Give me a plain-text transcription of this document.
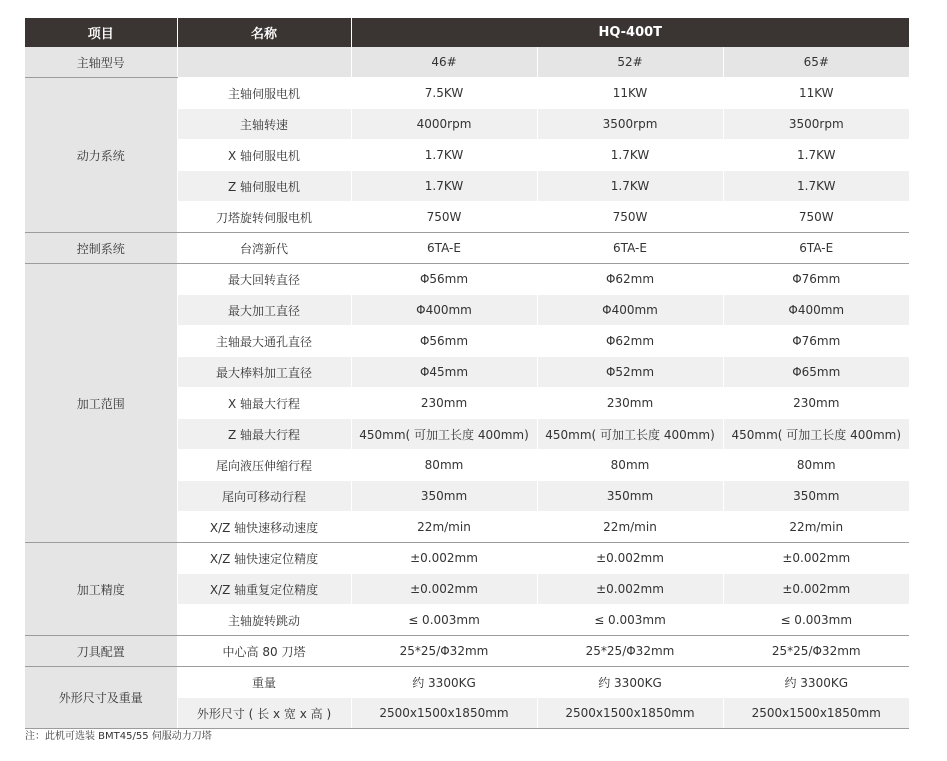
项目	名称	HQ-400T		
主轴型号		46#	52#	65#
动力系统	主轴伺服电机	7.5KW	11KW	11KW
	主轴转速	4000rpm	3500rpm	3500rpm
	X 轴伺服电机	1.7KW	1.7KW	1.7KW
	Z 轴伺服电机	1.7KW	1.7KW	1.7KW
	刀塔旋转伺服电机	750W	750W	750W
控制系统	台湾新代	6TA-E	6TA-E	6TA-E
加工范围	最大回转直径	Φ56mm	Φ62mm	Φ76mm
	最大加工直径	Φ400mm	Φ400mm	Φ400mm
	主轴最大通孔直径	Φ56mm	Φ62mm	Φ76mm
	最大棒料加工直径	Φ45mm	Φ52mm	Φ65mm
	X 轴最大行程	230mm	230mm	230mm
	Z 轴最大行程	450mm( 可加工长度 400mm)	450mm( 可加工长度 400mm)	450mm( 可加工长度 400mm)
	尾向液压伸缩行程	80mm	80mm	80mm
	尾向可移动行程	350mm	350mm	350mm
	X/Z 轴快速移动速度	22m/min	22m/min	22m/min
加工精度	X/Z 轴快速定位精度	±0.002mm	±0.002mm	±0.002mm
	X/Z 轴重复定位精度	±0.002mm	±0.002mm	±0.002mm
	主轴旋转跳动	≤ 0.003mm	≤ 0.003mm	≤ 0.003mm
刀具配置	中心高 80 刀塔	25*25/Φ32mm	25*25/Φ32mm	25*25/Φ32mm
外形尺寸及重量	重量	约 3300KG	约 3300KG	约 3300KG
	外形尺寸 ( 长 x 宽 x 高 )	2500x1500x1850mm	2500x1500x1850mm	2500x1500x1850mm
注：此机可选装 BMT45/55 伺服动力刀塔
